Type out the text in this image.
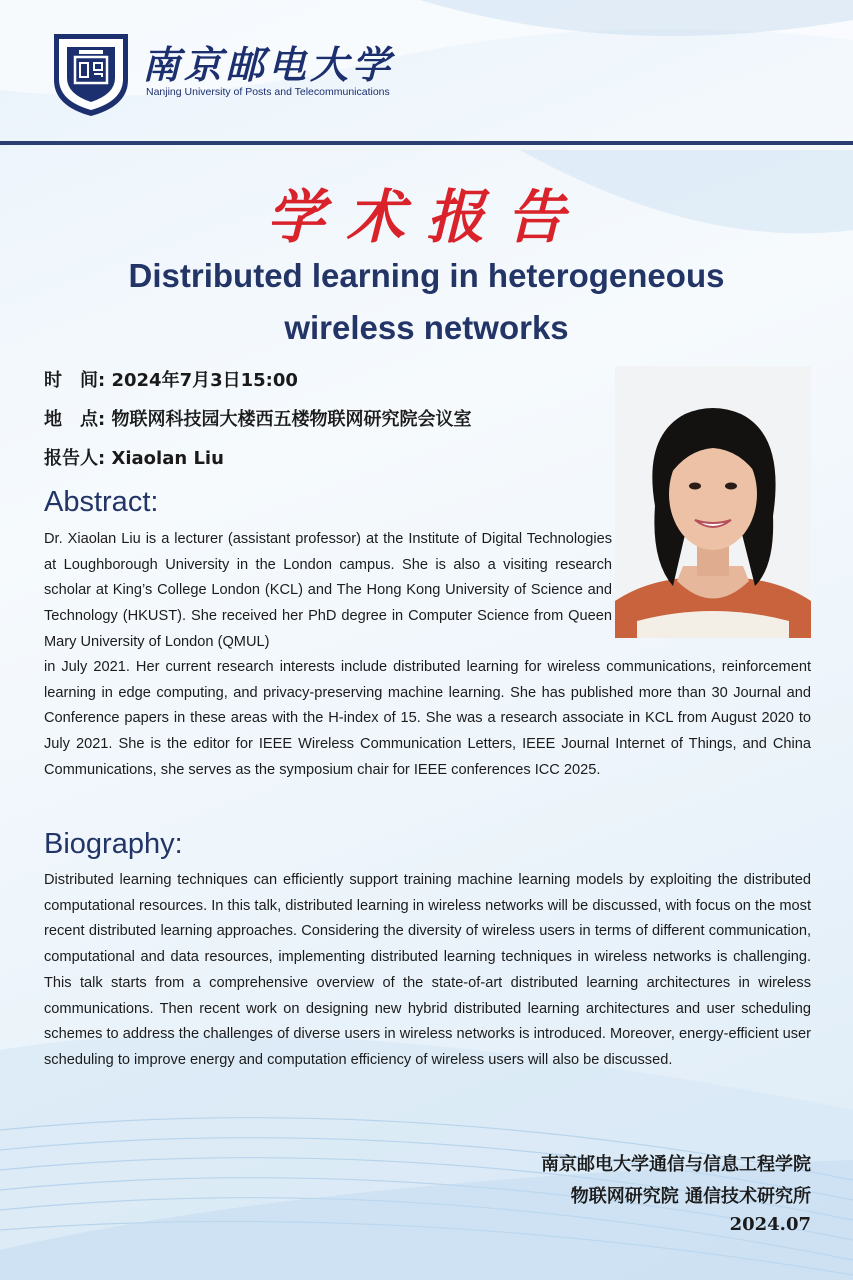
南京邮电大学
Nanjing University of Posts and Telecommunications
学术报告
Distributed learning in heterogeneous
wireless networks
时　间: 2024年7月3日15:00
地　点: 物联网科技园大楼西五楼物联网研究院会议室
报告人: Xiaolan Liu
Abstract:

Dr. Xiaolan Liu is a lecturer (assistant professor) at the Institute of Digital Technologies at Loughborough University in the London campus. She is also a visiting research scholar at King’s College London (KCL) and The Hong Kong University of Science and Technology (HKUST). She received her PhD degree in Computer Science from Queen Mary University of London (QMUL)

in July 2021. Her current research interests include distributed learning for wireless communications, reinforcement learning in edge computing, and privacy-preserving machine learning. She has published more than 30 Journal and Conference papers in these areas with the H-index of 15. She was a research associate in KCL from August 2020 to July 2021. She is the editor for IEEE Wireless Communication Letters, IEEE Journal Internet of Things, and China Communications, she serves as the symposium chair for IEEE conferences ICC 2025.

Biography:

Distributed learning techniques can efficiently support training machine learning models by exploiting the distributed computational resources. In this talk, distributed learning in wireless networks will be discussed, with focus on the most recent distributed learning approaches. Considering the diversity of wireless users in terms of different communication, computational and data resources, implementing distributed learning techniques in wireless networks is challenging. This talk starts from a comprehensive overview of the state-of-art distributed learning architectures in wireless communications. Then recent work on designing new hybrid distributed learning architectures and user scheduling schemes to address the challenges of diverse users in wireless networks is introduced. Moreover, energy-efficient user scheduling to improve energy and computation efficiency of wireless users will also be discussed.

南京邮电大学通信与信息工程学院
物联网研究院 通信技术研究所
2024.07
